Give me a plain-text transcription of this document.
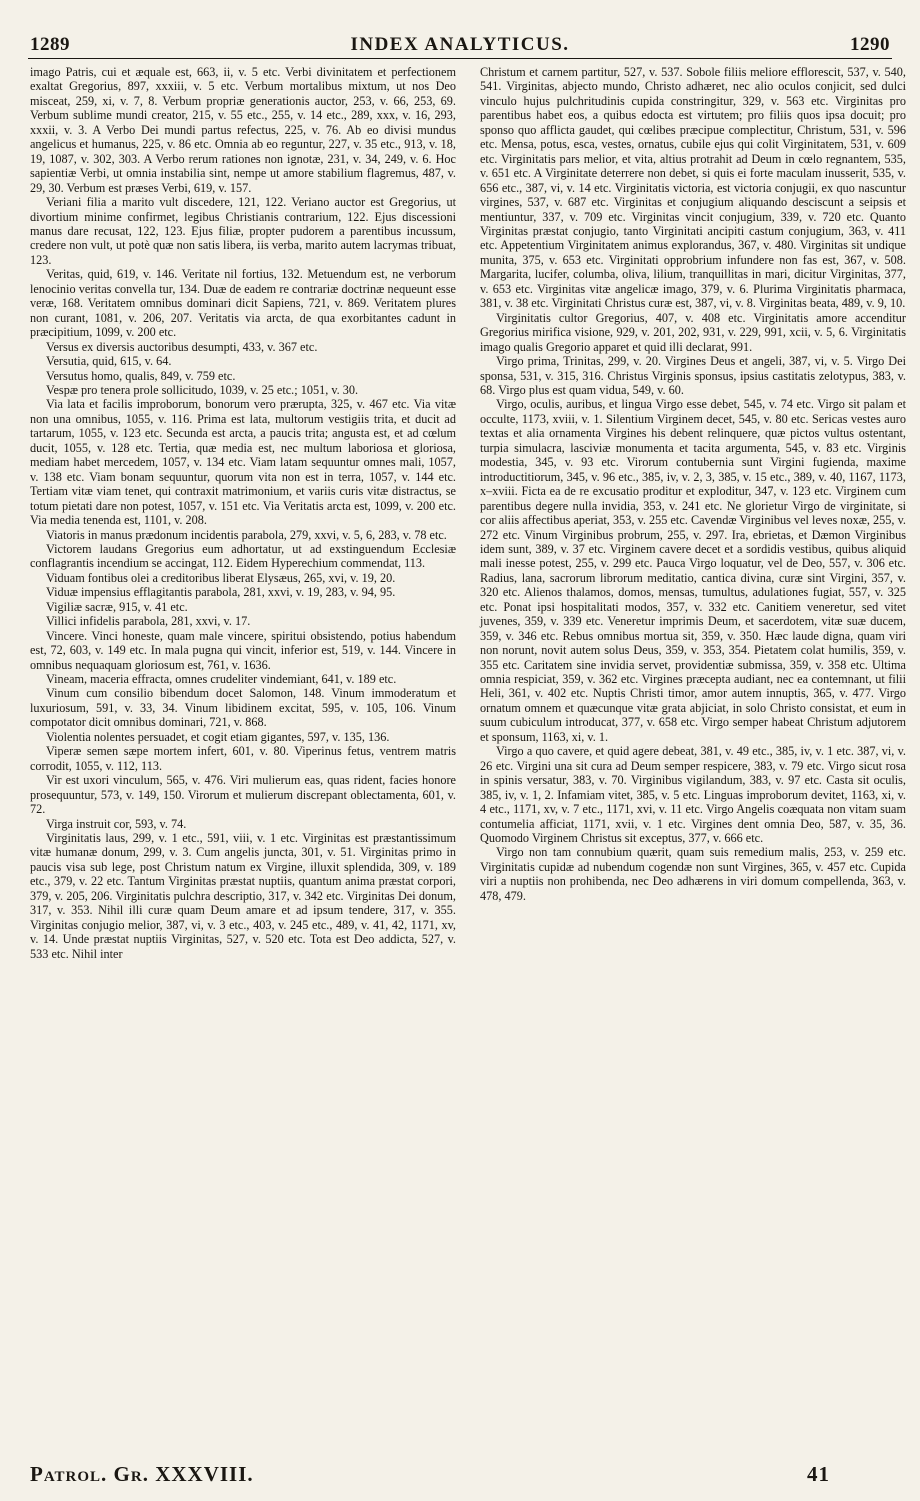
1289	INDEX ANALYTICUS.	1290

imago Patris, cui et æquale est, 663, ii, v. 5 etc. Verbi divinitatem et perfectionem exaltat Gregorius, 897, xxxiii, v. 5 etc. Verbum mortalibus mixtum, ut nos Deo misceat, 259, xi, v. 7, 8. Verbum propriæ generationis auctor, 253, v. 66, 253, 69. Verbum sublime mundi creator, 215, v. 55 etc., 255, v. 14 etc., 289, xxx, v. 16, 293, xxxii, v. 3. A Verbo Dei mundi partus refectus, 225, v. 76. Ab eo divisi mundus angelicus et humanus, 225, v. 86 etc. Omnia ab eo reguntur, 227, v. 35 etc., 913, v. 18, 19, 1087, v. 302, 303. A Verbo rerum rationes non ignotæ, 231, v. 34, 249, v. 6. Hoc sapientiæ Verbi, ut omnia instabilia sint, nempe ut amore stabilium flagremus, 487, v. 29, 30. Verbum est præses Verbi, 619, v. 157.

Veriani filia a marito vult discedere, 121, 122. Veriano auctor est Gregorius, ut divortium minime confirmet, legibus Christianis contrarium, 122. Ejus discessioni manus dare recusat, 122, 123. Ejus filiæ, propter pudorem a parentibus incussum, credere non vult, ut potè quæ non satis libera, iis verba, marito autem lacrymas tribuat, 123.

Veritas, quid, 619, v. 146. Veritate nil fortius, 132. Metuendum est, ne verborum lenocinio veritas convella tur, 134. Duæ de eadem re contrariæ doctrinæ nequeunt esse veræ, 168. Veritatem omnibus dominari dicit Sapiens, 721, v. 869. Veritatem plures non curant, 1081, v. 206, 207. Veritatis via arcta, de qua exorbitantes cadunt in præcipitium, 1099, v. 200 etc.

Versus ex diversis auctoribus desumpti, 433, v. 367 etc.

Versutia, quid, 615, v. 64.

Versutus homo, qualis, 849, v. 759 etc.

Vespæ pro tenera prole sollicitudo, 1039, v. 25 etc.; 1051, v. 30.

Via lata et facilis improborum, bonorum vero prærupta, 325, v. 467 etc. Via vitæ non una omnibus, 1055, v. 116. Prima est lata, multorum vestigiis trita, et ducit ad tartarum, 1055, v. 123 etc. Secunda est arcta, a paucis trita; angusta est, et ad cœlum ducit, 1055, v. 128 etc. Tertia, quæ media est, nec multum laboriosa et gloriosa, mediam habet mercedem, 1057, v. 134 etc. Viam latam sequuntur omnes mali, 1057, v. 138 etc. Viam bonam sequuntur, quorum vita non est in terra, 1057, v. 144 etc. Tertiam vitæ viam tenet, qui contraxit matrimonium, et variis curis vitæ distractus, se totum pietati dare non potest, 1057, v. 151 etc. Via Veritatis arcta est, 1099, v. 200 etc. Via media tenenda est, 1101, v. 208.

Viatoris in manus prædonum incidentis parabola, 279, xxvi, v. 5, 6, 283, v. 78 etc.

Victorem laudans Gregorius eum adhortatur, ut ad exstinguendum Ecclesiæ conflagrantis incendium se accingat, 112. Eidem Hyperechium commendat, 113.

Viduam fontibus olei a creditoribus liberat Elysæus, 265, xvi, v. 19, 20.

Viduæ impensius efflagitantis parabola, 281, xxvi, v. 19, 283, v. 94, 95.

Vigiliæ sacræ, 915, v. 41 etc.

Villici infidelis parabola, 281, xxvi, v. 17.

Vincere. Vinci honeste, quam male vincere, spiritui obsistendo, potius habendum est, 72, 603, v. 149 etc. In mala pugna qui vincit, inferior est, 519, v. 144. Vincere in omnibus nequaquam gloriosum est, 761, v. 1636.

Vineam, maceria effracta, omnes crudeliter vindemiant, 641, v. 189 etc.

Vinum cum consilio bibendum docet Salomon, 148. Vinum immoderatum et luxuriosum, 591, v. 33, 34. Vinum libidinem excitat, 595, v. 105, 106. Vinum compotator dicit omnibus dominari, 721, v. 868.

Violentia nolentes persuadet, et cogit etiam gigantes, 597, v. 135, 136.

Viperæ semen sæpe mortem infert, 601, v. 80. Viperinus fetus, ventrem matris corrodit, 1055, v. 112, 113.

Vir est uxori vinculum, 565, v. 476. Viri mulierum eas, quas rident, facies honore prosequuntur, 573, v. 149, 150. Virorum et mulierum discrepant oblectamenta, 601, v. 72.

Virga instruit cor, 593, v. 74.

Virginitatis laus, 299, v. 1 etc., 591, viii, v. 1 etc. Virginitas est præstantissimum vitæ humanæ donum, 299, v. 3. Cum angelis juncta, 301, v. 51. Virginitas primo in paucis visa sub lege, post Christum natum ex Virgine, illuxit splendida, 309, v. 189 etc., 379, v. 22 etc. Tantum Virginitas præstat nuptiis, quantum anima præstat corpori, 379, v. 205, 206. Virginitatis pulchra descriptio, 317, v. 342 etc. Virginitas Dei donum, 317, v. 353. Nihil illi curæ quam Deum amare et ad ipsum tendere, 317, v. 355. Virginitas conjugio melior, 387, vi, v. 3 etc., 403, v. 245 etc., 489, v. 41, 42, 1171, xv, v. 14. Unde præstat nuptiis Virginitas, 527, v. 520 etc. Tota est Deo addicta, 527, v. 533 etc. Nihil inter

Christum et carnem partitur, 527, v. 537. Sobole filiis meliore efflorescit, 537, v. 540, 541. Virginitas, abjecto mundo, Christo adhæret, nec alio oculos conjicit, sed dulci vinculo hujus pulchritudinis cupida constringitur, 329, v. 563 etc. Virginitas pro parentibus habet eos, a quibus edocta est virtutem; pro filiis quos ipsa docuit; pro sponso quo afflicta gaudet, qui cœlibes præcipue complectitur, Christum, 531, v. 596 etc. Mensa, potus, esca, vestes, ornatus, cubile ejus qui colit Virginitatem, 531, v. 609 etc. Virginitatis pars melior, et vita, altius protrahit ad Deum in cœlo regnantem, 535, v. 651 etc. A Virginitate deterrere non debet, si quis ei forte maculam inusserit, 535, v. 656 etc., 387, vi, v. 14 etc. Virginitatis victoria, est victoria conjugii, ex quo nascuntur virgines, 537, v. 687 etc. Virginitas et conjugium aliquando desciscunt a seipsis et mentiuntur, 337, v. 709 etc. Virginitas vincit conjugium, 339, v. 720 etc. Quanto Virginitas præstat conjugio, tanto Virginitati ancipiti castum conjugium, 363, v. 411 etc. Appetentium Virginitatem animus explorandus, 367, v. 480. Virginitas sit undique munita, 375, v. 653 etc. Virginitati opprobrium infundere non fas est, 367, v. 508. Margarita, lucifer, columba, oliva, lilium, tranquillitas in mari, dicitur Virginitas, 377, v. 653 etc. Virginitas vitæ angelicæ imago, 379, v. 6. Plurima Virginitatis pharmaca, 381, v. 38 etc. Virginitati Christus curæ est, 387, vi, v. 8. Virginitas beata, 489, v. 9, 10.

Virginitatis cultor Gregorius, 407, v. 408 etc. Virginitatis amore accenditur Gregorius mirifica visione, 929, v. 201, 202, 931, v. 229, 991, xcii, v. 5, 6. Virginitatis imago qualis Gregorio apparet et quid illi declarat, 991.

Virgo prima, Trinitas, 299, v. 20. Virgines Deus et angeli, 387, vi, v. 5. Virgo Dei sponsa, 531, v. 315, 316. Christus Virginis sponsus, ipsius castitatis zelotypus, 383, v. 68. Virgo plus est quam vidua, 549, v. 60.

Virgo, oculis, auribus, et lingua Virgo esse debet, 545, v. 74 etc. Virgo sit palam et occulte, 1173, xviii, v. 1. Silentium Virginem decet, 545, v. 80 etc. Sericas vestes auro textas et alia ornamenta Virgines his debent relinquere, quæ pictos vultus ostentant, turpia simulacra, lasciviæ monumenta et tacita argumenta, 545, v. 83 etc. Virginis modestia, 345, v. 93 etc. Virorum contubernia sunt Virgini fugienda, maxime introductitiorum, 345, v. 96 etc., 385, iv, v. 2, 3, 385, v. 15 etc., 389, v. 40, 1167, 1173, x–xviii. Ficta ea de re excusatio proditur et exploditur, 347, v. 123 etc. Virginem cum parentibus degere nulla invidia, 353, v. 241 etc. Ne glorietur Virgo de virginitate, si cor aliis affectibus aperiat, 353, v. 255 etc. Cavendæ Virginibus vel leves noxæ, 255, v. 272 etc. Vinum Virginibus probrum, 255, v. 297. Ira, ebrietas, et Dæmon Virginibus idem sunt, 389, v. 37 etc. Virginem cavere decet et a sordidis vestibus, quibus aliquid mali inesse potest, 255, v. 299 etc. Pauca Virgo loquatur, vel de Deo, 557, v. 306 etc. Radius, lana, sacrorum librorum meditatio, cantica divina, curæ sint Virgini, 357, v. 320 etc. Alienos thalamos, domos, mensas, tumultus, adulationes fugiat, 557, v. 325 etc. Ponat ipsi hospitalitati modos, 357, v. 332 etc. Canitiem veneretur, sed vitet juvenes, 359, v. 339 etc. Veneretur imprimis Deum, et sacerdotem, vitæ suæ ducem, 359, v. 346 etc. Rebus omnibus mortua sit, 359, v. 350. Hæc laude digna, quam viri non norunt, novit autem solus Deus, 359, v. 353, 354. Pietatem colat humilis, 359, v. 355 etc. Caritatem sine invidia servet, providentiæ submissa, 359, v. 358 etc. Ultima omnia respiciat, 359, v. 362 etc. Virgines præcepta audiant, nec ea contemnant, ut filii Heli, 361, v. 402 etc. Nuptis Christi timor, amor autem innuptis, 365, v. 477. Virgo ornatum omnem et quæcunque vitæ grata abjiciat, in solo Christo consistat, et eum in suum cubiculum introducat, 377, v. 658 etc. Virgo semper habeat Christum adjutorem et sponsum, 1163, xi, v. 1.

Virgo a quo cavere, et quid agere debeat, 381, v. 49 etc., 385, iv, v. 1 etc. 387, vi, v. 26 etc. Virgini una sit cura ad Deum semper respicere, 383, v. 79 etc. Virgo sicut rosa in spinis versatur, 383, v. 70. Virginibus vigilandum, 383, v. 97 etc. Casta sit oculis, 385, iv, v. 1, 2. Infamiam vitet, 385, v. 5 etc. Linguas improborum devitet, 1163, xi, v. 4 etc., 1171, xv, v. 7 etc., 1171, xvi, v. 11 etc. Virgo Angelis coæquata non vitam suam contumelia afficiat, 1171, xvii, v. 1 etc. Virgines dent omnia Deo, 587, v. 35, 36. Quomodo Virginem Christus sit exceptus, 377, v. 666 etc.

Virgo non tam connubium quærit, quam suis remedium malis, 253, v. 259 etc. Virginitatis cupidæ ad nubendum cogendæ non sunt Virgines, 365, v. 457 etc. Cupida viri a nuptiis non prohibenda, nec Deo adhærens in viri domum compellenda, 363, v. 478, 479.

Patrol. Gr. XXXVIII.	41
